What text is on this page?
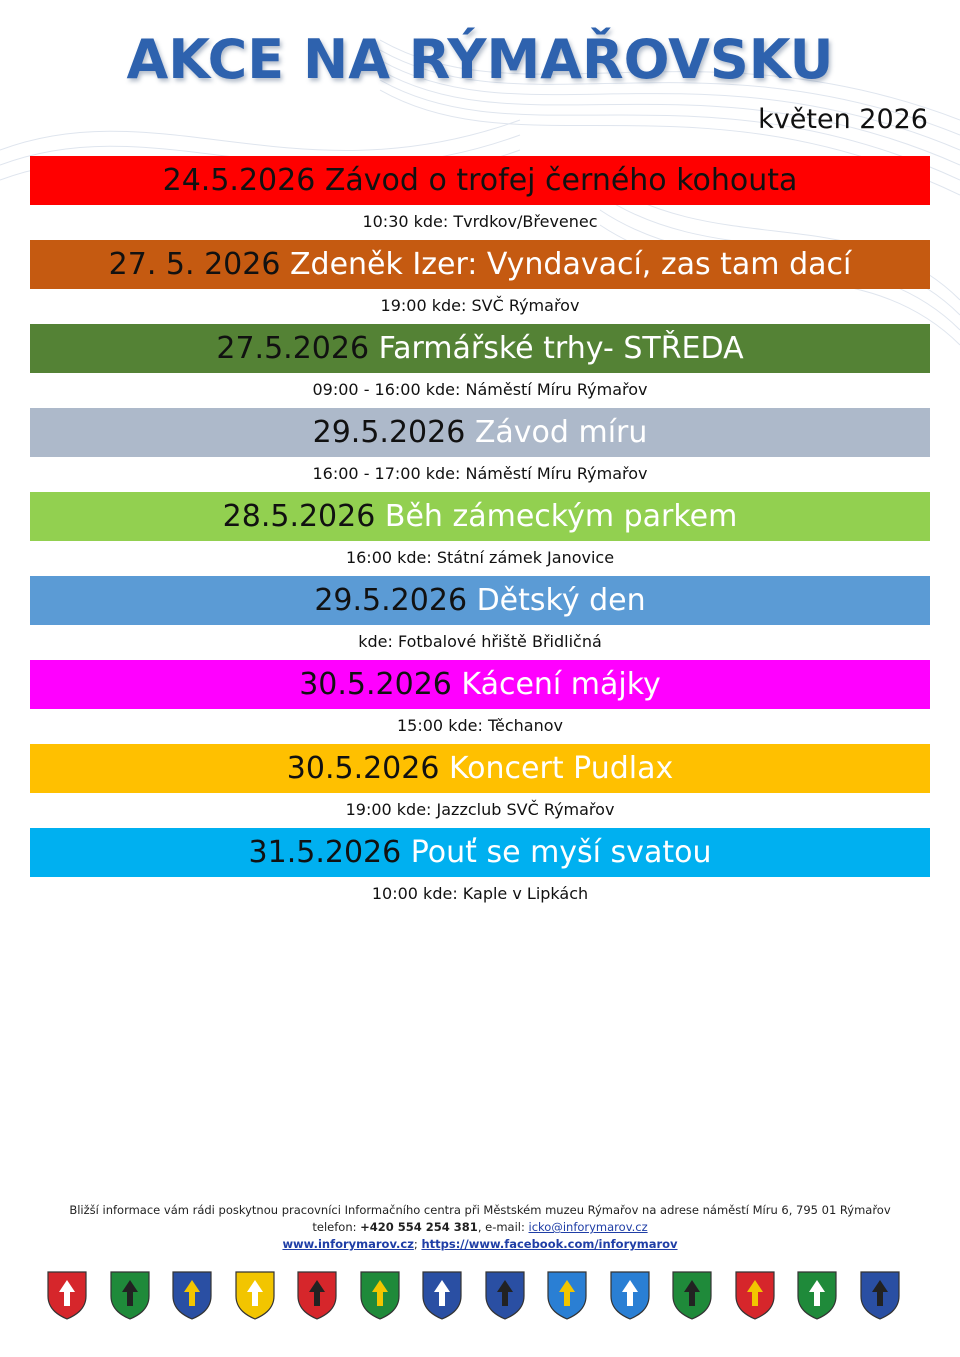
AKCE NA RÝMAŘOVSKU
květen 2026
24.5.2026 Závod o trofej černého kohouta
10:30 kde: Tvrdkov/Břevenec
27. 5. 2026 Zdeněk Izer: Vyndavací, zas tam dací
19:00 kde: SVČ Rýmařov
27.5.2026 Farmářské trhy- STŘEDA
09:00 - 16:00 kde: Náměstí Míru Rýmařov
29.5.2026 Závod míru
16:00 - 17:00 kde: Náměstí Míru Rýmařov
28.5.2026 Běh zámeckým parkem
16:00 kde: Státní zámek Janovice
29.5.2026 Dětský den
kde: Fotbalové hřiště Břidličná
30.5.2026 Kácení májky
15:00 kde: Těchanov
30.5.2026 Koncert Pudlax
19:00 kde: Jazzclub SVČ Rýmařov
31.5.2026 Pouť se myší svatou
10:00 kde: Kaple v Lipkách
Bližší informace vám rádi poskytnou pracovníci Informačního centra při Městském muzeu Rýmařov na adrese náměstí Míru 6, 795 01 Rýmařov
telefon: +420 554 254 381, e-mail: icko@inforymarov.cz
www.inforymarov.cz; https://www.facebook.com/inforymarov
